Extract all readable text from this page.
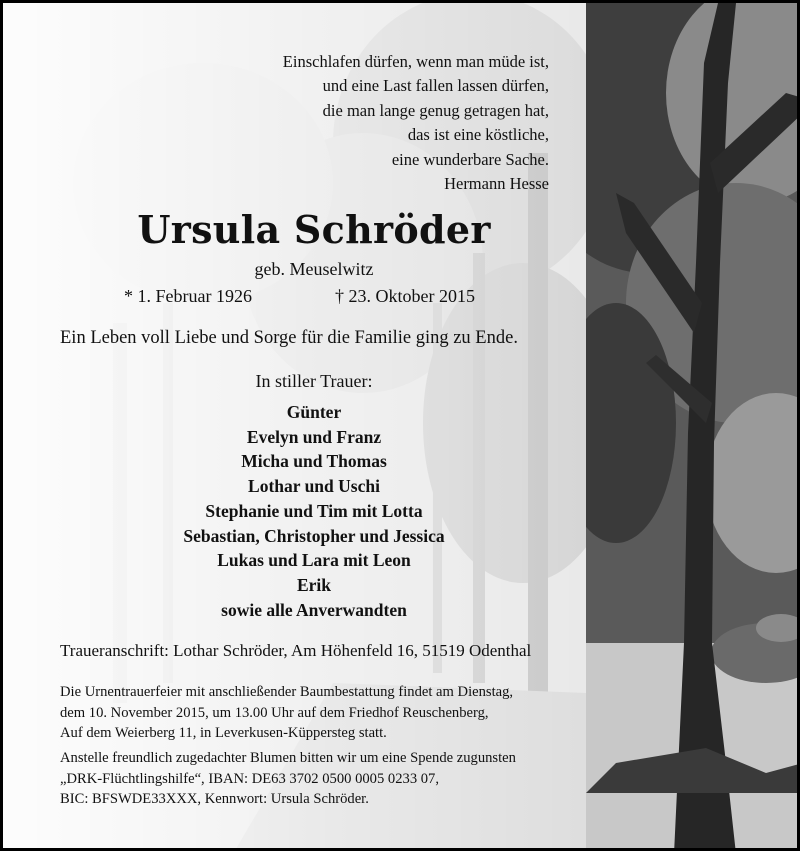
Einschlafen dürfen, wenn man müde ist,
und eine Last fallen lassen dürfen,
die man lange genug getragen hat,
das ist eine köstliche,
eine wunderbare Sache.
Hermann Hesse
Ursula Schröder
geb. Meuselwitz
* 1. Februar 1926	† 23. Oktober 2015
Ein Leben voll Liebe und Sorge für die Familie ging zu Ende.
In stiller Trauer:
Günter
Evelyn und Franz
Micha und Thomas
Lothar und Uschi
Stephanie und Tim mit Lotta
Sebastian, Christopher und Jessica
Lukas und Lara mit Leon
Erik
sowie alle Anverwandten
Traueranschrift: Lothar Schröder, Am Höhenfeld 16, 51519 Odenthal
Die Urnentrauerfeier mit anschließender Baumbestattung findet am Dienstag,
dem 10. November 2015, um 13.00 Uhr auf dem Friedhof Reuschenberg,
Auf dem Weierberg 11, in Leverkusen-Küppersteg statt.
Anstelle freundlich zugedachter Blumen bitten wir um eine Spende zugunsten
„DRK-Flüchtlingshilfe“, IBAN: DE63 3702 0500 0005 0233 07,
BIC: BFSWDE33XXX, Kennwort: Ursula Schröder.
